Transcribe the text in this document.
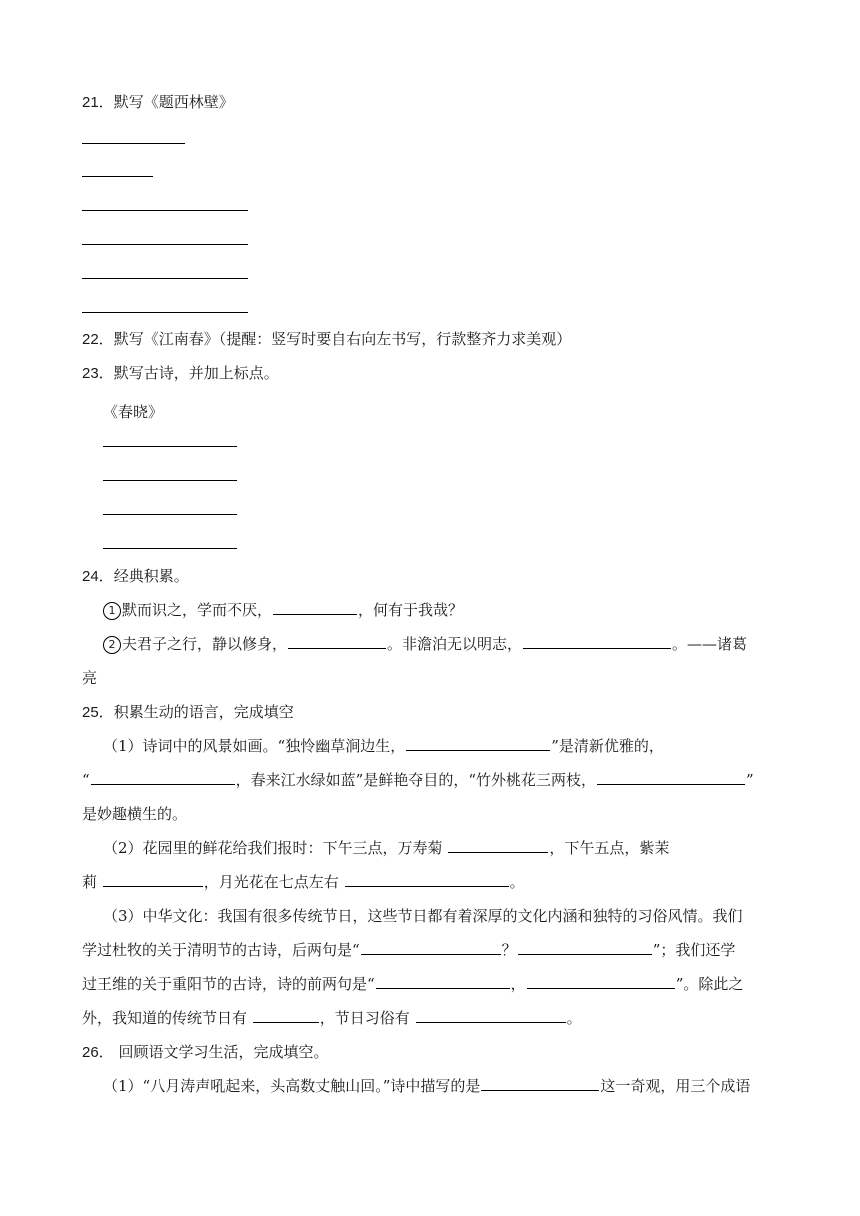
21．默写《题西林壁》
22．默写《江南春》（提醒：竖写时要自右向左书写，行款整齐力求美观）
23．默写古诗，并加上标点。
《春晓》
24．经典积累。
1 默而识之，学而不厌，	，何有于我哉？
2 夫君子之行，静以修身，	。非澹泊无以明志，	。——诸葛
亮
25．积累生动的语言，完成填空
（1）诗词中的风景如画。“独怜幽草涧边生，	”是清新优雅的，
“	，春来江水绿如蓝”是鲜艳夺目的，“竹外桃花三两枝，	”
是妙趣横生的。
（2）花园里的鲜花给我们报时：下午三点，万寿菊	，下午五点，紫茉
莉	，月光花在七点左右	。
（3）中华文化：我国有很多传统节日，这些节日都有着深厚的文化内涵和独特的习俗风情。我们
学过杜牧的关于清明节的古诗，后两句是“	？	”；我们还学
过王维的关于重阳节的古诗，诗的前两句是“	，	”。除此之
外，我知道的传统节日有	，节日习俗有	。
26． 回顾语文学习生活，完成填空。
（1）“八月涛声吼起来，头高数丈触山回。”诗中描写的是	这一奇观，用三个成语
